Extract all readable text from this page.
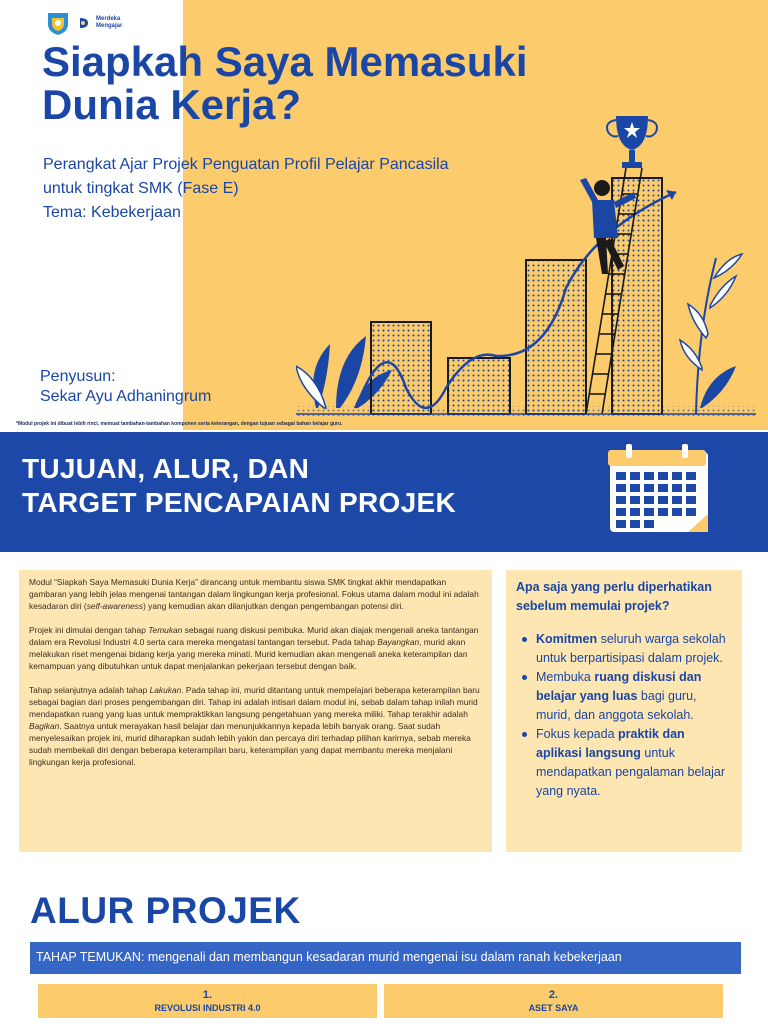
Merdeka Mengajar
Siapkah Saya Memasuki Dunia Kerja?
Perangkat Ajar Projek Penguatan Profil Pelajar Pancasila
untuk tingkat SMK (Fase E)
Tema: Kebekerjaan
Penyusun:
Sekar Ayu Adhaningrum
*Modul projek ini dibuat lebih rinci, memuat tambahan-tambahan komponen serta keterangan, dengan tujuan sebagai bahan belajar guru.
TUJUAN, ALUR, DAN
TARGET PENCAPAIAN PROJEK

Modul “Siapkah Saya Memasuki Dunia Kerja” dirancang untuk membantu siswa SMK tingkat akhir mendapatkan gambaran yang lebih jelas mengenai tantangan dalam lingkungan kerja profesional. Fokus utama dalam modul ini adalah kesadaran diri (self-awareness) yang kemudian akan dilanjutkan dengan pengembangan potensi diri.

Projek ini dimulai dengan tahap Temukan sebagai ruang diskusi pembuka. Murid akan diajak mengenali aneka tantangan dalam era Revolusi Industri 4.0 serta cara mereka mengatasi tantangan tersebut. Pada tahap Bayangkan, murid akan melakukan riset mengenai bidang kerja yang mereka minati. Murid kemudian akan mengenali aneka keterampilan dan kemampuan yang dibutuhkan untuk dapat menjalankan pekerjaan tersebut dengan baik.

Tahap selanjutnya adalah tahap Lakukan. Pada tahap ini, murid ditantang untuk mempelajari beberapa keterampilan baru sebagai bagian dari proses pengembangan diri. Tahap ini adalah intisari dalam modul ini, sebab dalam tahap inilah murid mendapatkan ruang yang luas untuk mempraktikkan langsung pengetahuan yang mereka miliki. Tahap terakhir adalah Bagikan. Saatnya untuk merayakan hasil belajar dan menunjukkannya kepada lebih banyak orang. Saat sudah menyelesaikan projek ini, murid diharapkan sudah lebih yakin dan percaya diri terhadap pilihan karirnya, sebab mereka sudah membekali diri dengan beberapa keterampilan baru, keterampilan yang dapat membantu mereka menjalani lingkungan kerja profesional.

Apa saja yang perlu diperhatikan sebelum memulai projek?
Komitmen seluruh warga sekolah untuk berpartisipasi dalam projek.
Membuka ruang diskusi dan belajar yang luas bagi guru, murid, dan anggota sekolah.
Fokus kepada praktik dan aplikasi langsung untuk mendapatkan pengalaman belajar yang nyata.
ALUR PROJEK
TAHAP TEMUKAN: mengenali dan membangun kesadaran murid mengenai isu dalam ranah kebekerjaan
1.
REVOLUSI INDUSTRI 4.0
2.
ASET SAYA
